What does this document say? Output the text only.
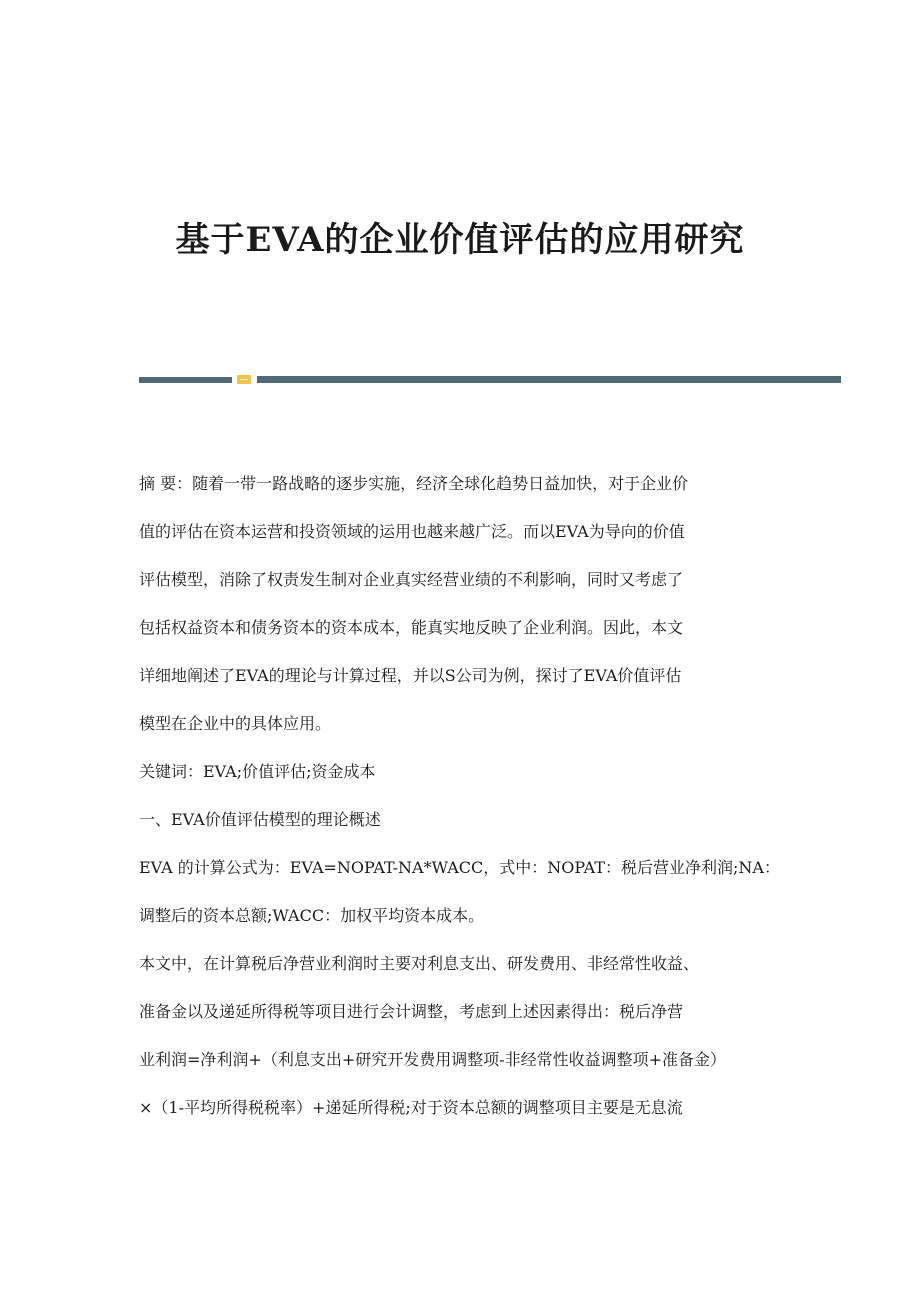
基于EVA的企业价值评估的应用研究
摘 要：随着一带一路战略的逐步实施，经济全球化趋势日益加快，对于企业价
值的评估在资本运营和投资领域的运用也越来越广泛。而以EVA为导向的价值
评估模型，消除了权责发生制对企业真实经营业绩的不利影响，同时又考虑了
包括权益资本和债务资本的资本成本，能真实地反映了企业利润。因此，本文
详细地阐述了EVA的理论与计算过程，并以S公司为例，探讨了EVA价值评估
模型在企业中的具体应用。
关键词：EVA;价值评估;资金成本
一、EVA价值评估模型的理论概述
EVA 的计算公式为：EVA=NOPAT-NA*WACC，式中：NOPAT：税后营业净利润;NA：
调整后的资本总额;WACC：加权平均资本成本。
本文中，在计算税后净营业利润时主要对利息支出、研发费用、非经常性收益、
准备金以及递延所得税等项目进行会计调整，考虑到上述因素得出：税后净营
业利润=净利润+（利息支出+研究开发费用调整项-非经常性收益调整项+准备金）
×（1-平均所得税税率）+递延所得税;对于资本总额的调整项目主要是无息流
